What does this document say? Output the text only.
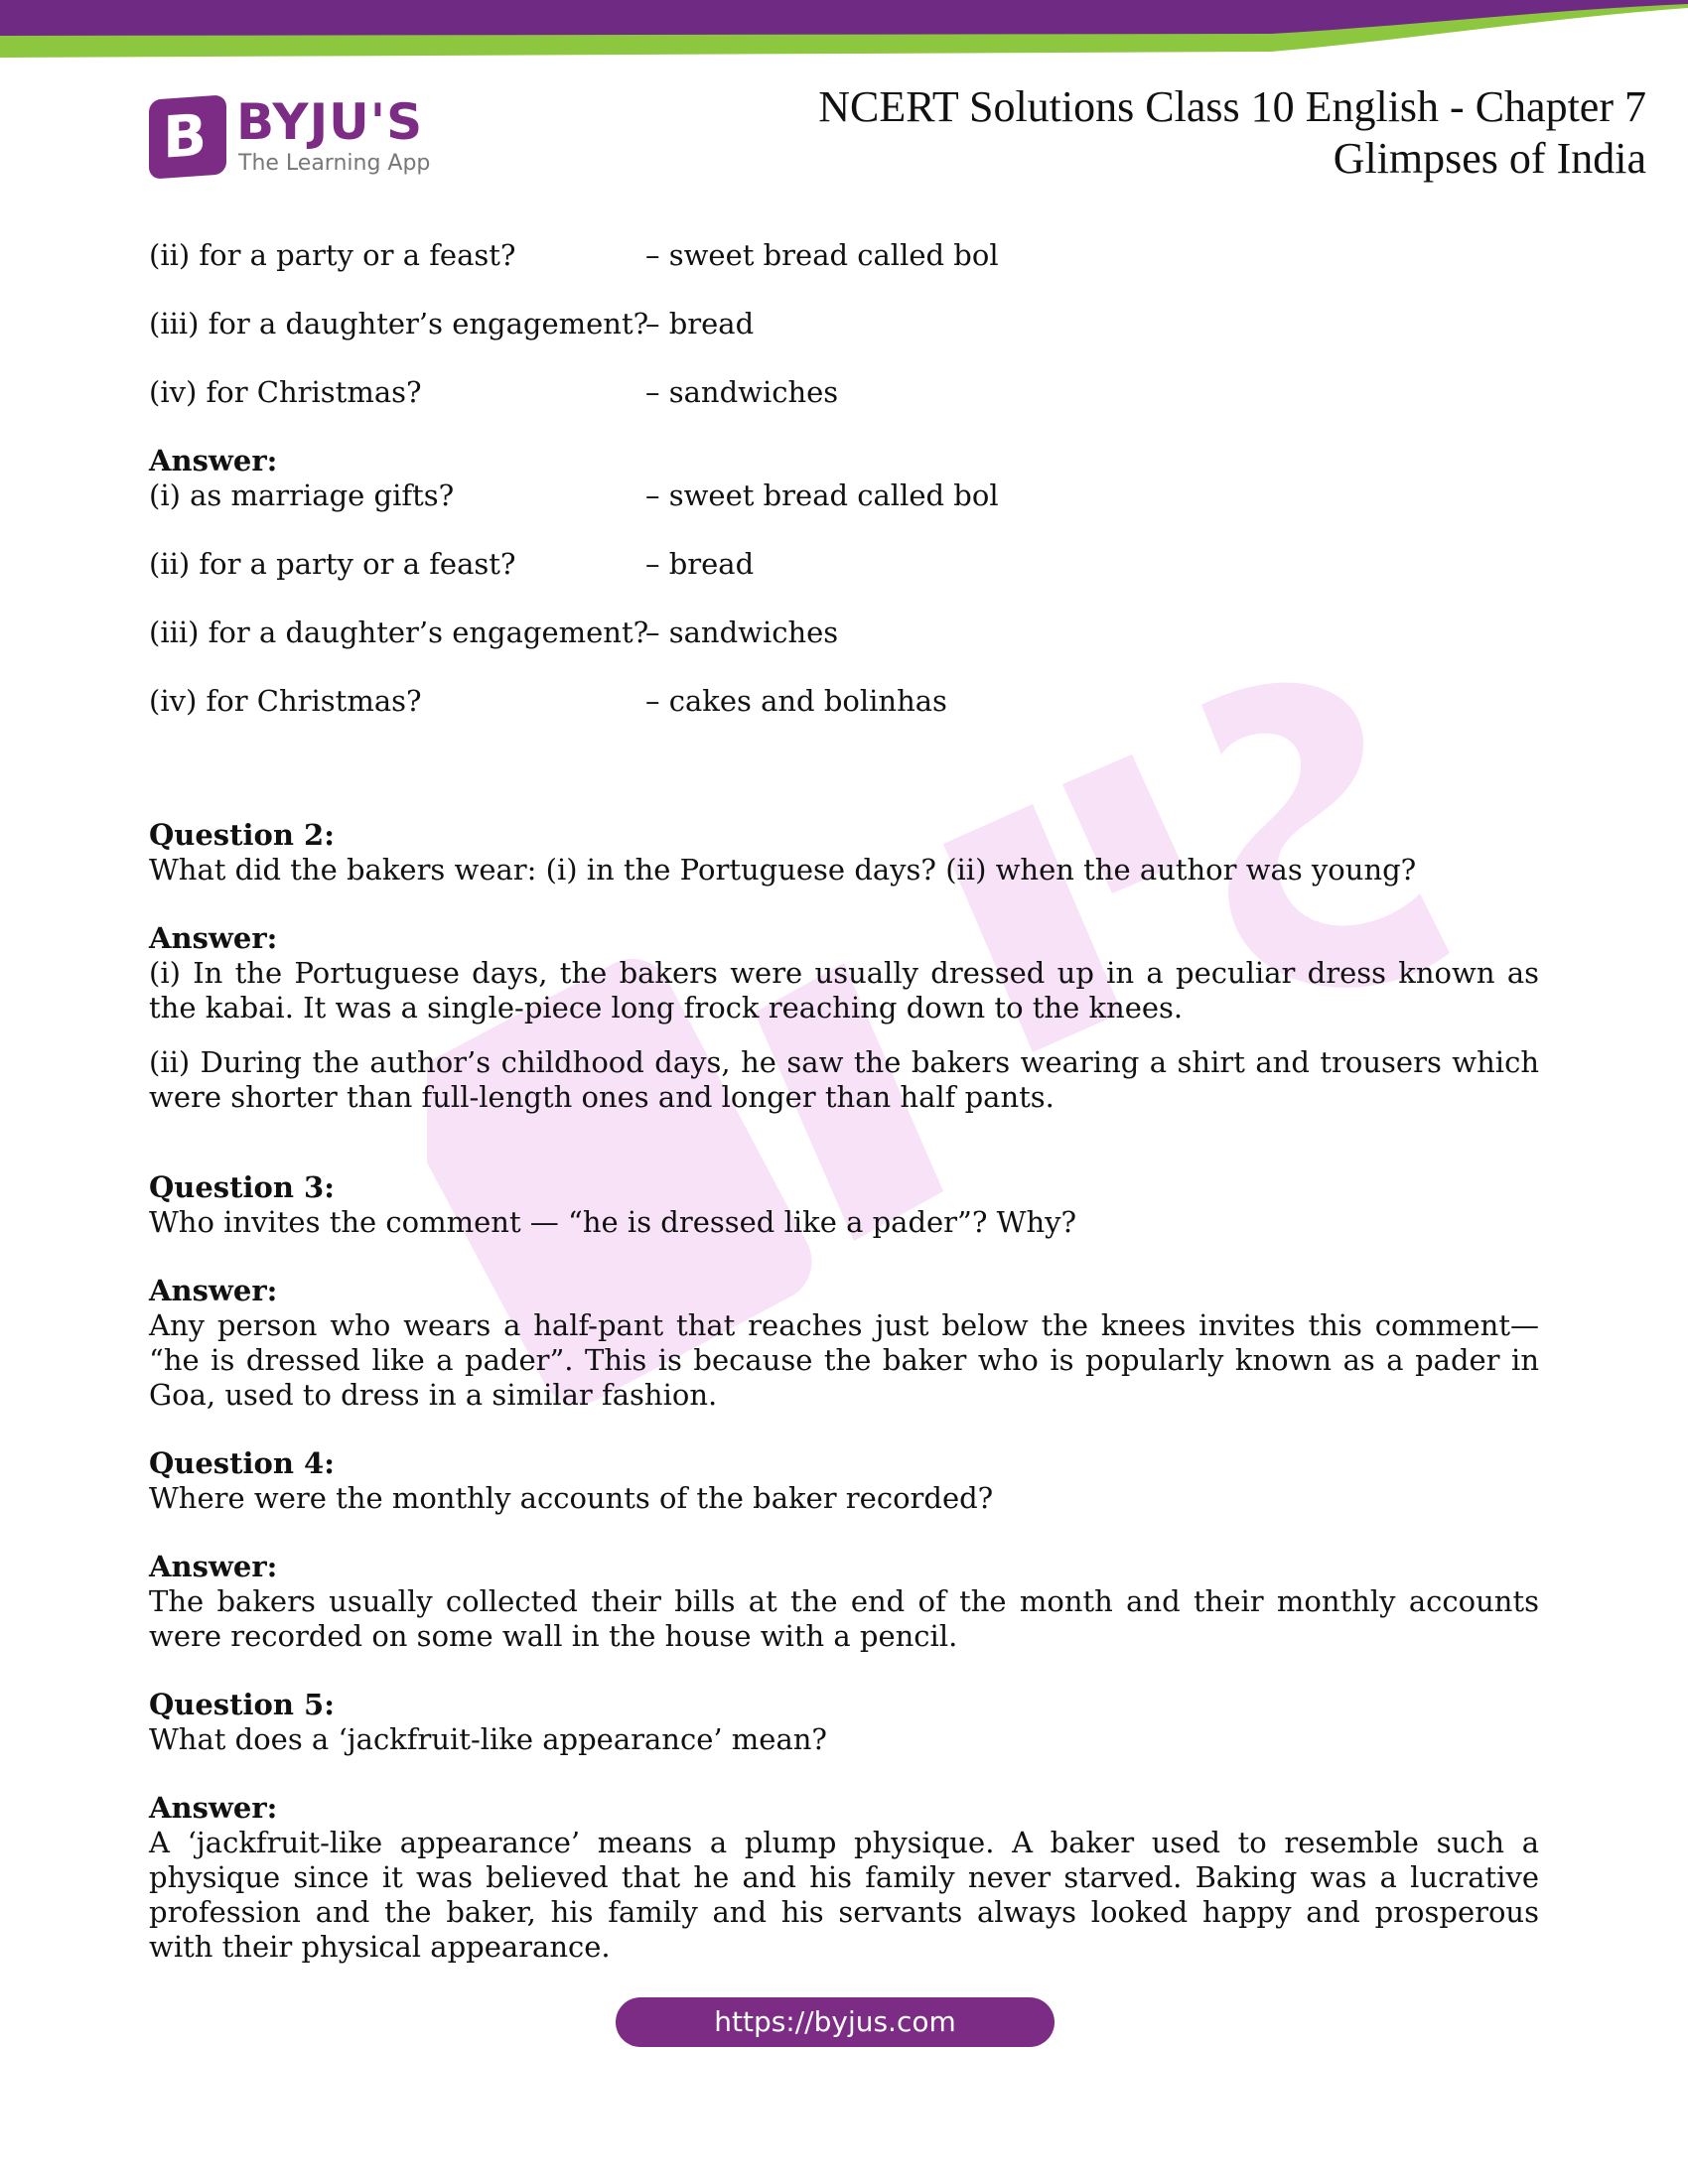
B BYJU'S
The Learning App
NCERT Solutions Class 10 English - Chapter 7
Glimpses of India
(ii) for a party or a feast?	– sweet bread called bol
(iii) for a daughter’s engagement?
– bread
(iv) for Christmas?	– sandwiches
Answer:
(i) as marriage gifts?	– sweet bread called bol
(ii) for a party or a feast?	– bread
(iii) for a daughter’s engagement?
– sandwiches
(iv) for Christmas?	– cakes and bolinhas
Question 2:

What did the bakers wear: (i) in the Portuguese days? (ii) when the author was young?

Answer:

(i) In the Portuguese days, the bakers were usually dressed up in a peculiar dress known as the kabai. It was a single-piece long frock reaching down to the knees.

(ii) During the author’s childhood days, he saw the bakers wearing a shirt and trousers which were shorter than full-length ones and longer than half pants.

Question 3:

Who invites the comment — “he is dressed like a pader”? Why?

Answer:

Any person who wears a half-pant that reaches just below the knees invites this comment— “he is dressed like a pader”. This is because the baker who is popularly known as a pader in Goa, used to dress in a similar fashion.

Question 4:

Where were the monthly accounts of the baker recorded?

Answer:

The bakers usually collected their bills at the end of the month and their monthly accounts were recorded on some wall in the house with a pencil.

Question 5:

What does a ‘jackfruit-like appearance’ mean?

Answer:

A ‘jackfruit-like appearance’ means a plump physique. A baker used to resemble such a physique since it was believed that he and his family never starved. Baking was a lucrative profession and the baker, his family and his servants always looked happy and prosperous with their physical appearance.

https://byjus.com
